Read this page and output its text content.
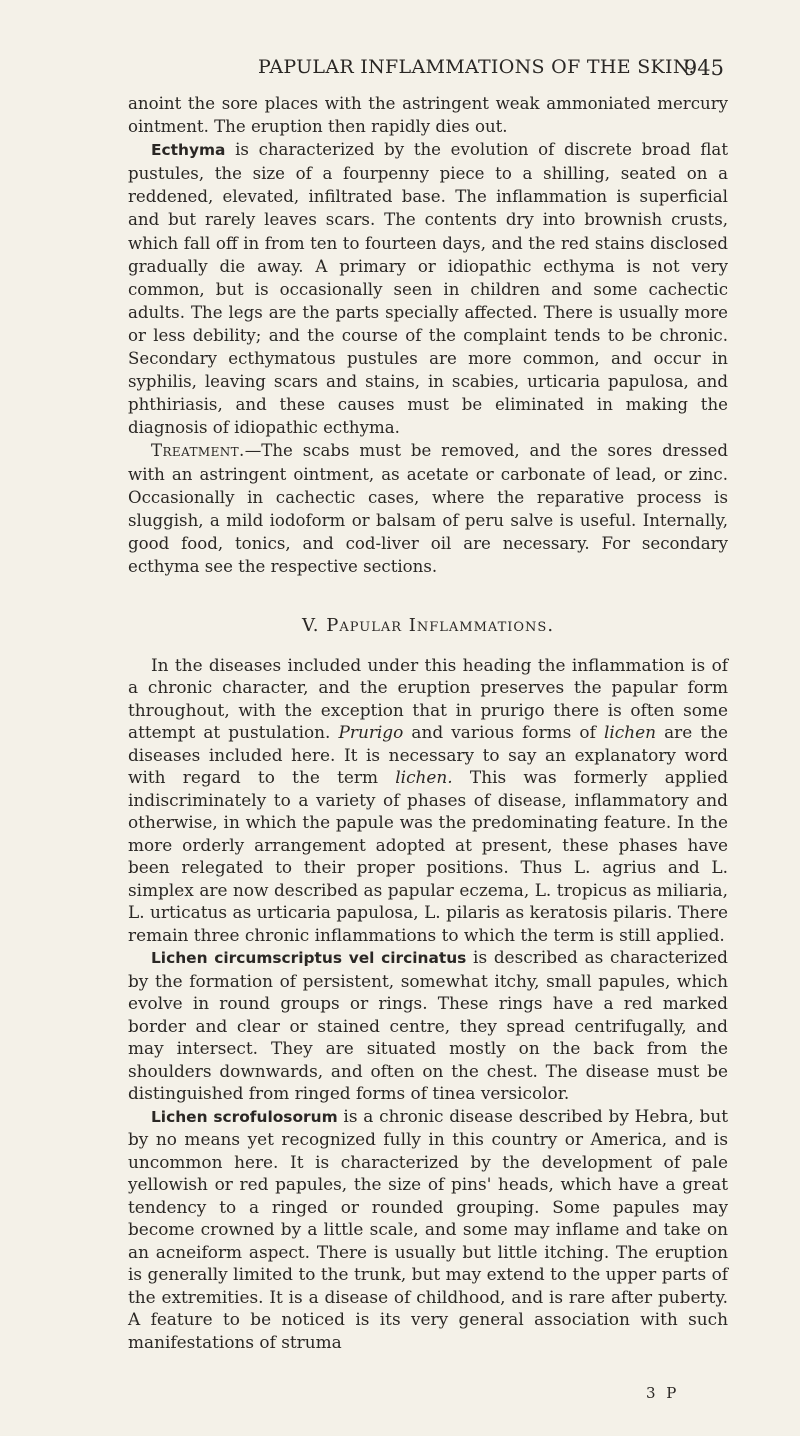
PAPULAR INFLAMMATIONS OF THE SKIN.
945

anoint the sore places with the astringent weak ammoniated mercury ointment. The eruption then rapidly dies out.

Ecthyma is characterized by the evolution of discrete broad flat pustules, the size of a fourpenny piece to a shilling, seated on a reddened, elevated, infiltrated base. The inflammation is superficial and but rarely leaves scars. The contents dry into brownish crusts, which fall off in from ten to fourteen days, and the red stains disclosed gradually die away. A primary or idiopathic ecthyma is not very common, but is occasionally seen in children and some cachectic adults. The legs are the parts specially affected. There is usually more or less debility; and the course of the complaint tends to be chronic. Secondary ecthymatous pustules are more common, and occur in syphilis, leaving scars and stains, in scabies, urticaria papulosa, and phthiriasis, and these causes must be eliminated in making the diagnosis of idiopathic ecthyma.

Treatment.—The scabs must be removed, and the sores dressed with an astringent ointment, as acetate or carbonate of lead, or zinc. Occasionally in cachectic cases, where the reparative process is sluggish, a mild iodoform or balsam of peru salve is useful. Internally, good food, tonics, and cod-liver oil are necessary. For secondary ecthyma see the respective sections.

V. Papular Inflammations.

In the diseases included under this heading the inflammation is of a chronic character, and the eruption preserves the papular form throughout, with the exception that in prurigo there is often some attempt at pustulation. Prurigo and various forms of lichen are the diseases included here. It is necessary to say an explanatory word with regard to the term lichen. This was formerly applied indiscriminately to a variety of phases of disease, inflammatory and otherwise, in which the papule was the predominating feature. In the more orderly arrangement adopted at present, these phases have been relegated to their proper positions. Thus L. agrius and L. simplex are now described as papular eczema, L. tropicus as miliaria, L. urticatus as urticaria papulosa, L. pilaris as keratosis pilaris. There remain three chronic inflammations to which the term is still applied.

Lichen circumscriptus vel circinatus is described as characterized by the formation of persistent, somewhat itchy, small papules, which evolve in round groups or rings. These rings have a red marked border and clear or stained centre, they spread centrifugally, and may intersect. They are situated mostly on the back from the shoulders downwards, and often on the chest. The disease must be distinguished from ringed forms of tinea versicolor.

Lichen scrofulosorum is a chronic disease described by Hebra, but by no means yet recognized fully in this country or America, and is uncommon here. It is characterized by the development of pale yellowish or red papules, the size of pins' heads, which have a great tendency to a ringed or rounded grouping. Some papules may become crowned by a little scale, and some may inflame and take on an acneiform aspect. There is usually but little itching. The eruption is generally limited to the trunk, but may extend to the upper parts of the extremities. It is a disease of childhood, and is rare after puberty. A feature to be noticed is its very general association with such manifestations of struma

3 P
